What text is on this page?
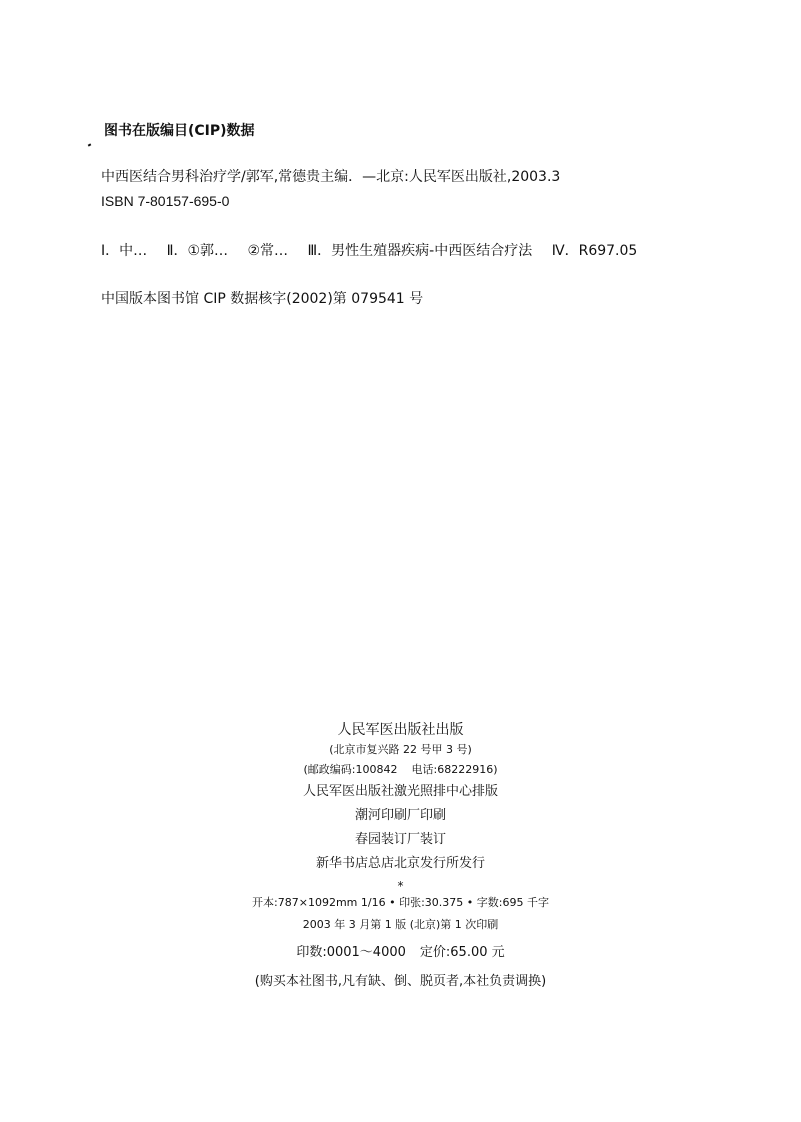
图书在版编目(CIP)数据
中西医结合男科治疗学/郭军,常德贵主编．—北京:人民军医出版社,2003.3
ISBN 7-80157-695-0
Ⅰ．中… Ⅱ．①郭… ②常… Ⅲ．男性生殖器疾病-中西医结合疗法 Ⅳ．R697.05
中国版本图书馆 CIP 数据核字(2002)第 079541 号
人民军医出版社出版
(北京市复兴路 22 号甲 3 号)
(邮政编码:100842 电话:68222916)
人民军医出版社激光照排中心排版
潮河印刷厂印刷
春园装订厂装订
新华书店总店北京发行所发行
*
开本:787×1092mm 1/16 • 印张:30.375 • 字数:695 千字
2003 年 3 月第 1 版 (北京)第 1 次印刷
印数:0001～4000 定价:65.00 元
(购买本社图书,凡有缺、倒、脱页者,本社负责调换)
